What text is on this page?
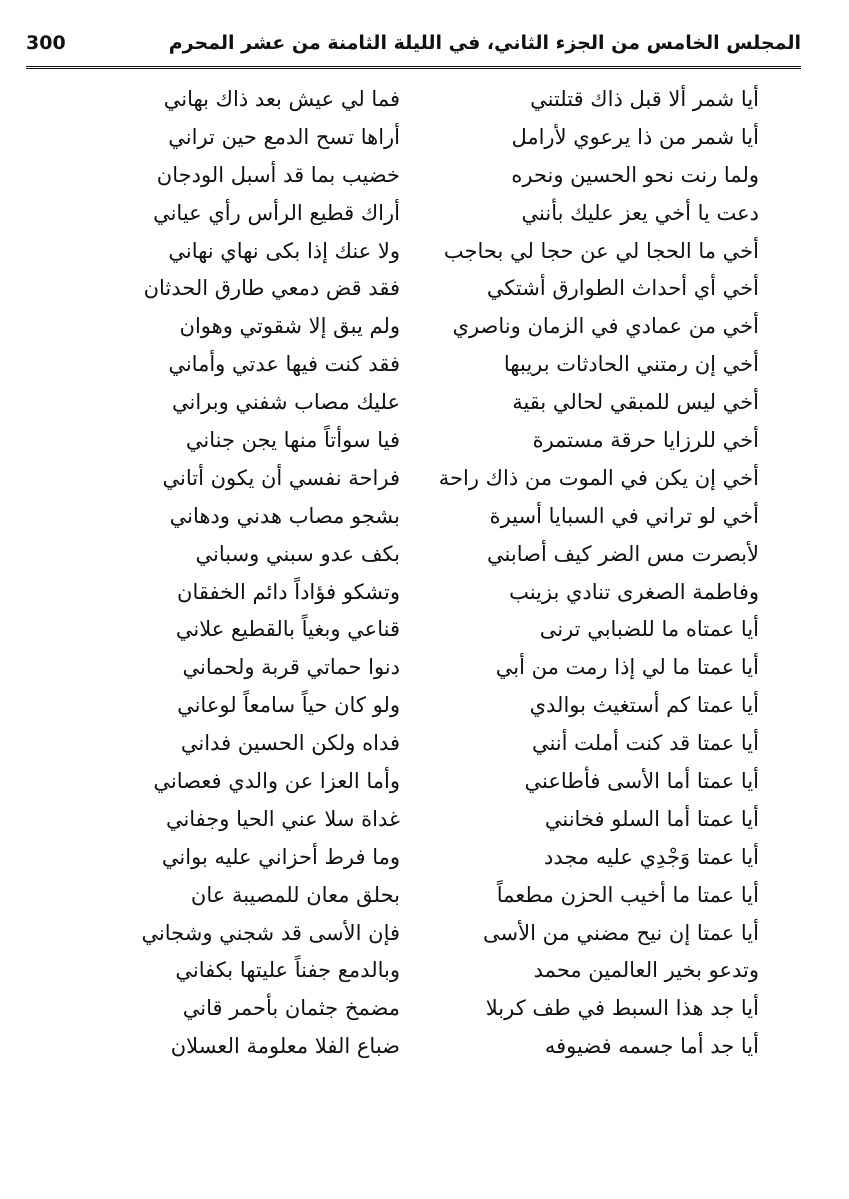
المجلس الخامس من الجزء الثاني، في الليلة الثامنة من عشر المحرم
300
أيا شمر ألا قبل ذاك قتلتني
فما لي عيش بعد ذاك بهاني
أيا شمر من ذا يرعوي لأرامل
أراها تسح الدمع حين تراني
ولما رنت نحو الحسين ونحره
خضيب بما قد أسبل الودجان
دعت يا أخي يعز عليك بأنني
أراك قطيع الرأس رأي عياني
أخي ما الحجا لي عن حجا لي بحاجب
ولا عنك إذا بكى نهاي نهاني
أخي أي أحداث الطوارق أشتكي
فقد قض دمعي طارق الحدثان
أخي من عمادي في الزمان وناصري
ولم يبق إلا شقوتي وهوان
أخي إن رمتني الحادثات بريبها
فقد كنت فيها عدتي وأماني
أخي ليس للمبقي لحالي بقية
عليك مصاب شفني وبراني
أخي للرزايا حرقة مستمرة
فيا سوأتاً منها يجن جناني
أخي إن يكن في الموت من ذاك راحة
فراحة نفسي أن يكون أتاني
أخي لو تراني في السبايا أسيرة
بشجو مصاب هدني ودهاني
لأبصرت مس الضر كيف أصابني
بكف عدو سبني وسباني
وفاطمة الصغرى تنادي بزينب
وتشكو فؤاداً دائم الخفقان
أيا عمتاه ما للضبابي ترنى
قناعي وبغياً بالقطيع علاني
أيا عمتا ما لي إذا رمت من أبي
دنوا حماتي قربة ولحماني
أيا عمتا كم أستغيث بوالدي
ولو كان حياً سامعاً لوعاني
أيا عمتا قد كنت أملت أنني
فداه ولكن الحسين فداني
أيا عمتا أما الأسى فأطاعني
وأما العزا عن والدي فعصاني
أيا عمتا أما السلو فخانني
غداة سلا عني الحيا وجفاني
أيا عمتا وَجْدِي عليه مجدد
وما فرط أحزاني عليه بواني
أيا عمتا ما أخيب الحزن مطعماً
بحلق معان للمصيبة عان
أيا عمتا إن نيح مضني من الأسى
فإن الأسى قد شجني وشجاني
وتدعو بخير العالمين محمد
وبالدمع جفناً عليتها بكفاني
أيا جد هذا السبط في طف كربلا
مضمخ جثمان بأحمر قاني
أيا جد أما جسمه فضيوفه
ضباع الفلا معلومة العسلان
